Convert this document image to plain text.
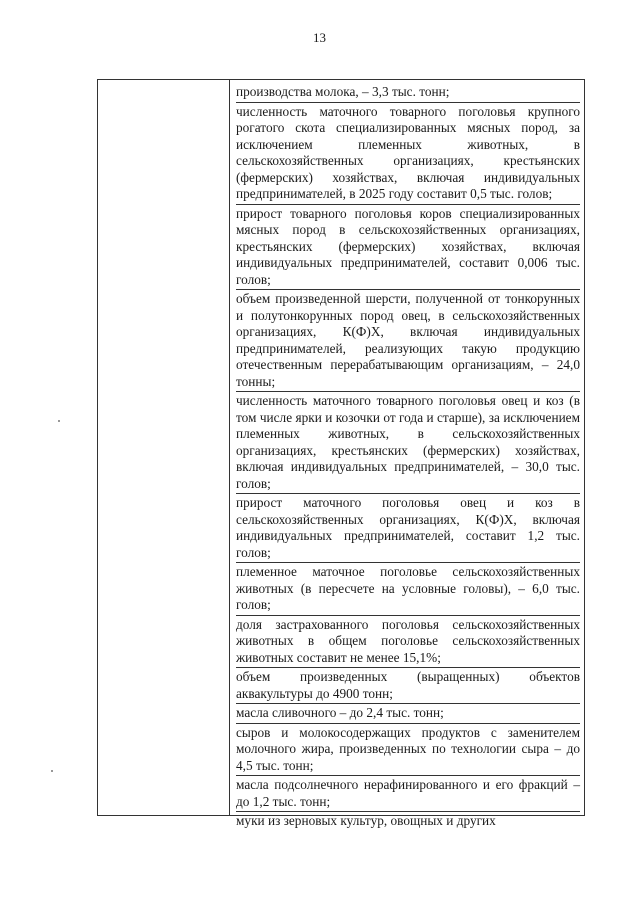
13

производства молока, – 3,3 тыс. тонн;

численность маточного товарного поголовья крупного рогатого скота специализированных мясных пород, за исключением племенных животных, в сельскохозяйственных организациях, крестьянских (фермерских) хозяйствах, включая индивидуальных предпринимателей, в 2025 году составит 0,5 тыс. голов;

прирост товарного поголовья коров специализированных мясных пород в сельскохозяйственных организациях, крестьянских (фермерских) хозяйствах, включая индивидуальных предпринимателей, составит 0,006 тыс. голов;

объем произведенной шерсти, полученной от тонкорунных и полутонкорунных пород овец, в сельскохозяйственных организациях, К(Ф)Х, включая индивидуальных предпринимателей, реализующих такую продукцию отечественным перерабатывающим организациям, – 24,0 тонны;

численность маточного товарного поголовья овец и коз (в том числе ярки и козочки от года и старше), за исключением племенных животных, в сельскохозяйственных организациях, крестьянских (фермерских) хозяйствах, включая индивидуальных предпринимателей, – 30,0 тыс. голов;

прирост маточного поголовья овец и коз в сельскохозяйственных организациях, К(Ф)Х, включая индивидуальных предпринимателей, составит 1,2 тыс. голов;

племенное маточное поголовье сельскохозяйственных животных (в пересчете на условные головы), – 6,0 тыс. голов;

доля застрахованного поголовья сельскохозяйственных животных в общем поголовье сельскохозяйственных животных составит не менее 15,1%;

объем произведенных (выращенных) объектов аквакультуры до 4900 тонн;

масла сливочного – до 2,4 тыс. тонн;

сыров и молокосодержащих продуктов с заменителем молочного жира, произведенных по технологии сыра – до 4,5 тыс. тонн;

масла подсолнечного нерафинированного и его фракций – до 1,2 тыс. тонн;

муки из зерновых культур, овощных и других
